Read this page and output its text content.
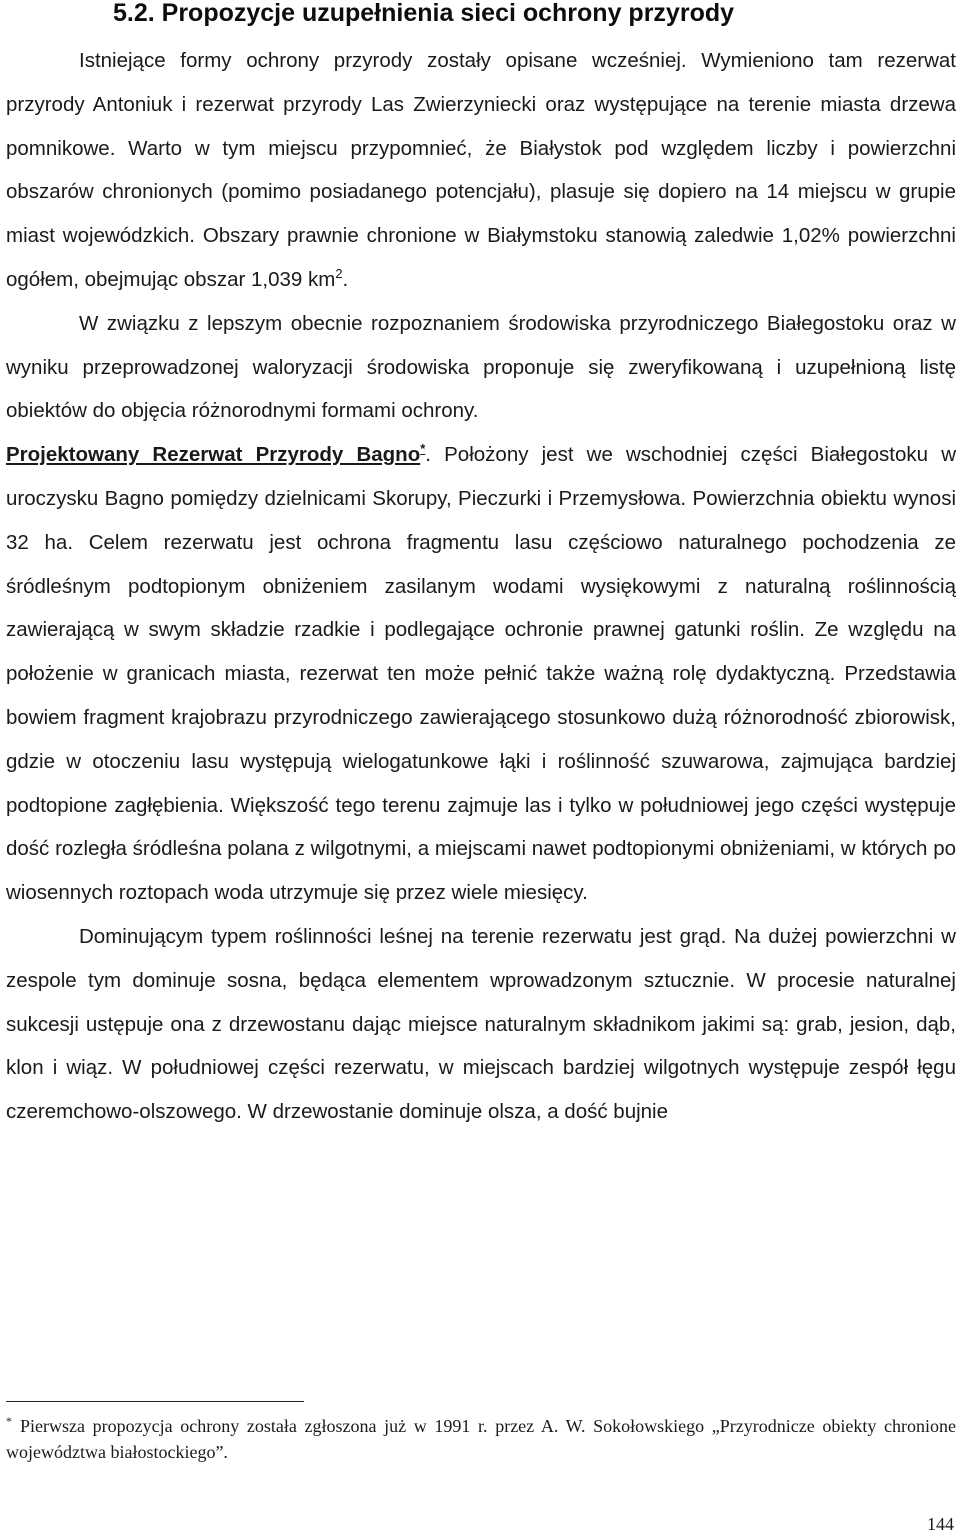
5.2. Propozycje uzupełnienia sieci ochrony przyrody

Istniejące formy ochrony przyrody zostały opisane wcześniej. Wymieniono tam rezerwat przyrody Antoniuk i rezerwat przyrody Las Zwierzyniecki oraz występujące na terenie miasta drzewa pomnikowe. Warto w tym miejscu przypomnieć, że Białystok pod względem liczby i powierzchni obszarów chronionych (pomimo posiadanego potencjału), plasuje się dopiero na 14 miejscu w grupie miast wojewódzkich. Obszary prawnie chronione w Białymstoku stanowią zaledwie 1,02% powierzchni ogółem, obejmując obszar 1,039 $km^2$.

W związku z lepszym obecnie rozpoznaniem środowiska przyrodniczego Białegostoku oraz w wyniku przeprowadzonej waloryzacji środowiska proponuje się zweryfikowaną i uzupełnioną listę obiektów do objęcia różnorodnymi formami ochrony.

Projektowany Rezerwat Przyrody Bagno*. Położony jest we wschodniej części Białegostoku w uroczysku Bagno pomiędzy dzielnicami Skorupy, Pieczurki i Przemysłowa. Powierzchnia obiektu wynosi 32 ha. Celem rezerwatu jest ochrona fragmentu lasu częściowo naturalnego pochodzenia ze śródleśnym podtopionym obniżeniem zasilanym wodami wysiękowymi z naturalną roślinnością zawierającą w swym składzie rzadkie i podlegające ochronie prawnej gatunki roślin. Ze względu na położenie w granicach miasta, rezerwat ten może pełnić także ważną rolę dydaktyczną. Przedstawia bowiem fragment krajobrazu przyrodniczego zawierającego stosunkowo dużą różnorodność zbiorowisk, gdzie w otoczeniu lasu występują wielogatunkowe łąki i roślinność szuwarowa, zajmująca bardziej podtopione zagłębienia. Większość tego terenu zajmuje las i tylko w południowej jego części występuje dość rozległa śródleśna polana z wilgotnymi, a miejscami nawet podtopionymi obniżeniami, w których po wiosennych roztopach woda utrzymuje się przez wiele miesięcy.

Dominującym typem roślinności leśnej na terenie rezerwatu jest grąd. Na dużej powierzchni w zespole tym dominuje sosna, będąca elementem wprowadzonym sztucznie. W procesie naturalnej sukcesji ustępuje ona z drzewostanu dając miejsce naturalnym składnikom jakimi są: grab, jesion, dąb, klon i wiąz. W południowej części rezerwatu, w miejscach bardziej wilgotnych występuje zespół łęgu czeremchowo-olszowego. W drzewostanie dominuje olsza, a dość bujnie

* Pierwsza propozycja ochrony została zgłoszona już w 1991 r. przez A. W. Sokołowskiego „Przyrodnicze obiekty chronione województwa białostockiego”.

144
